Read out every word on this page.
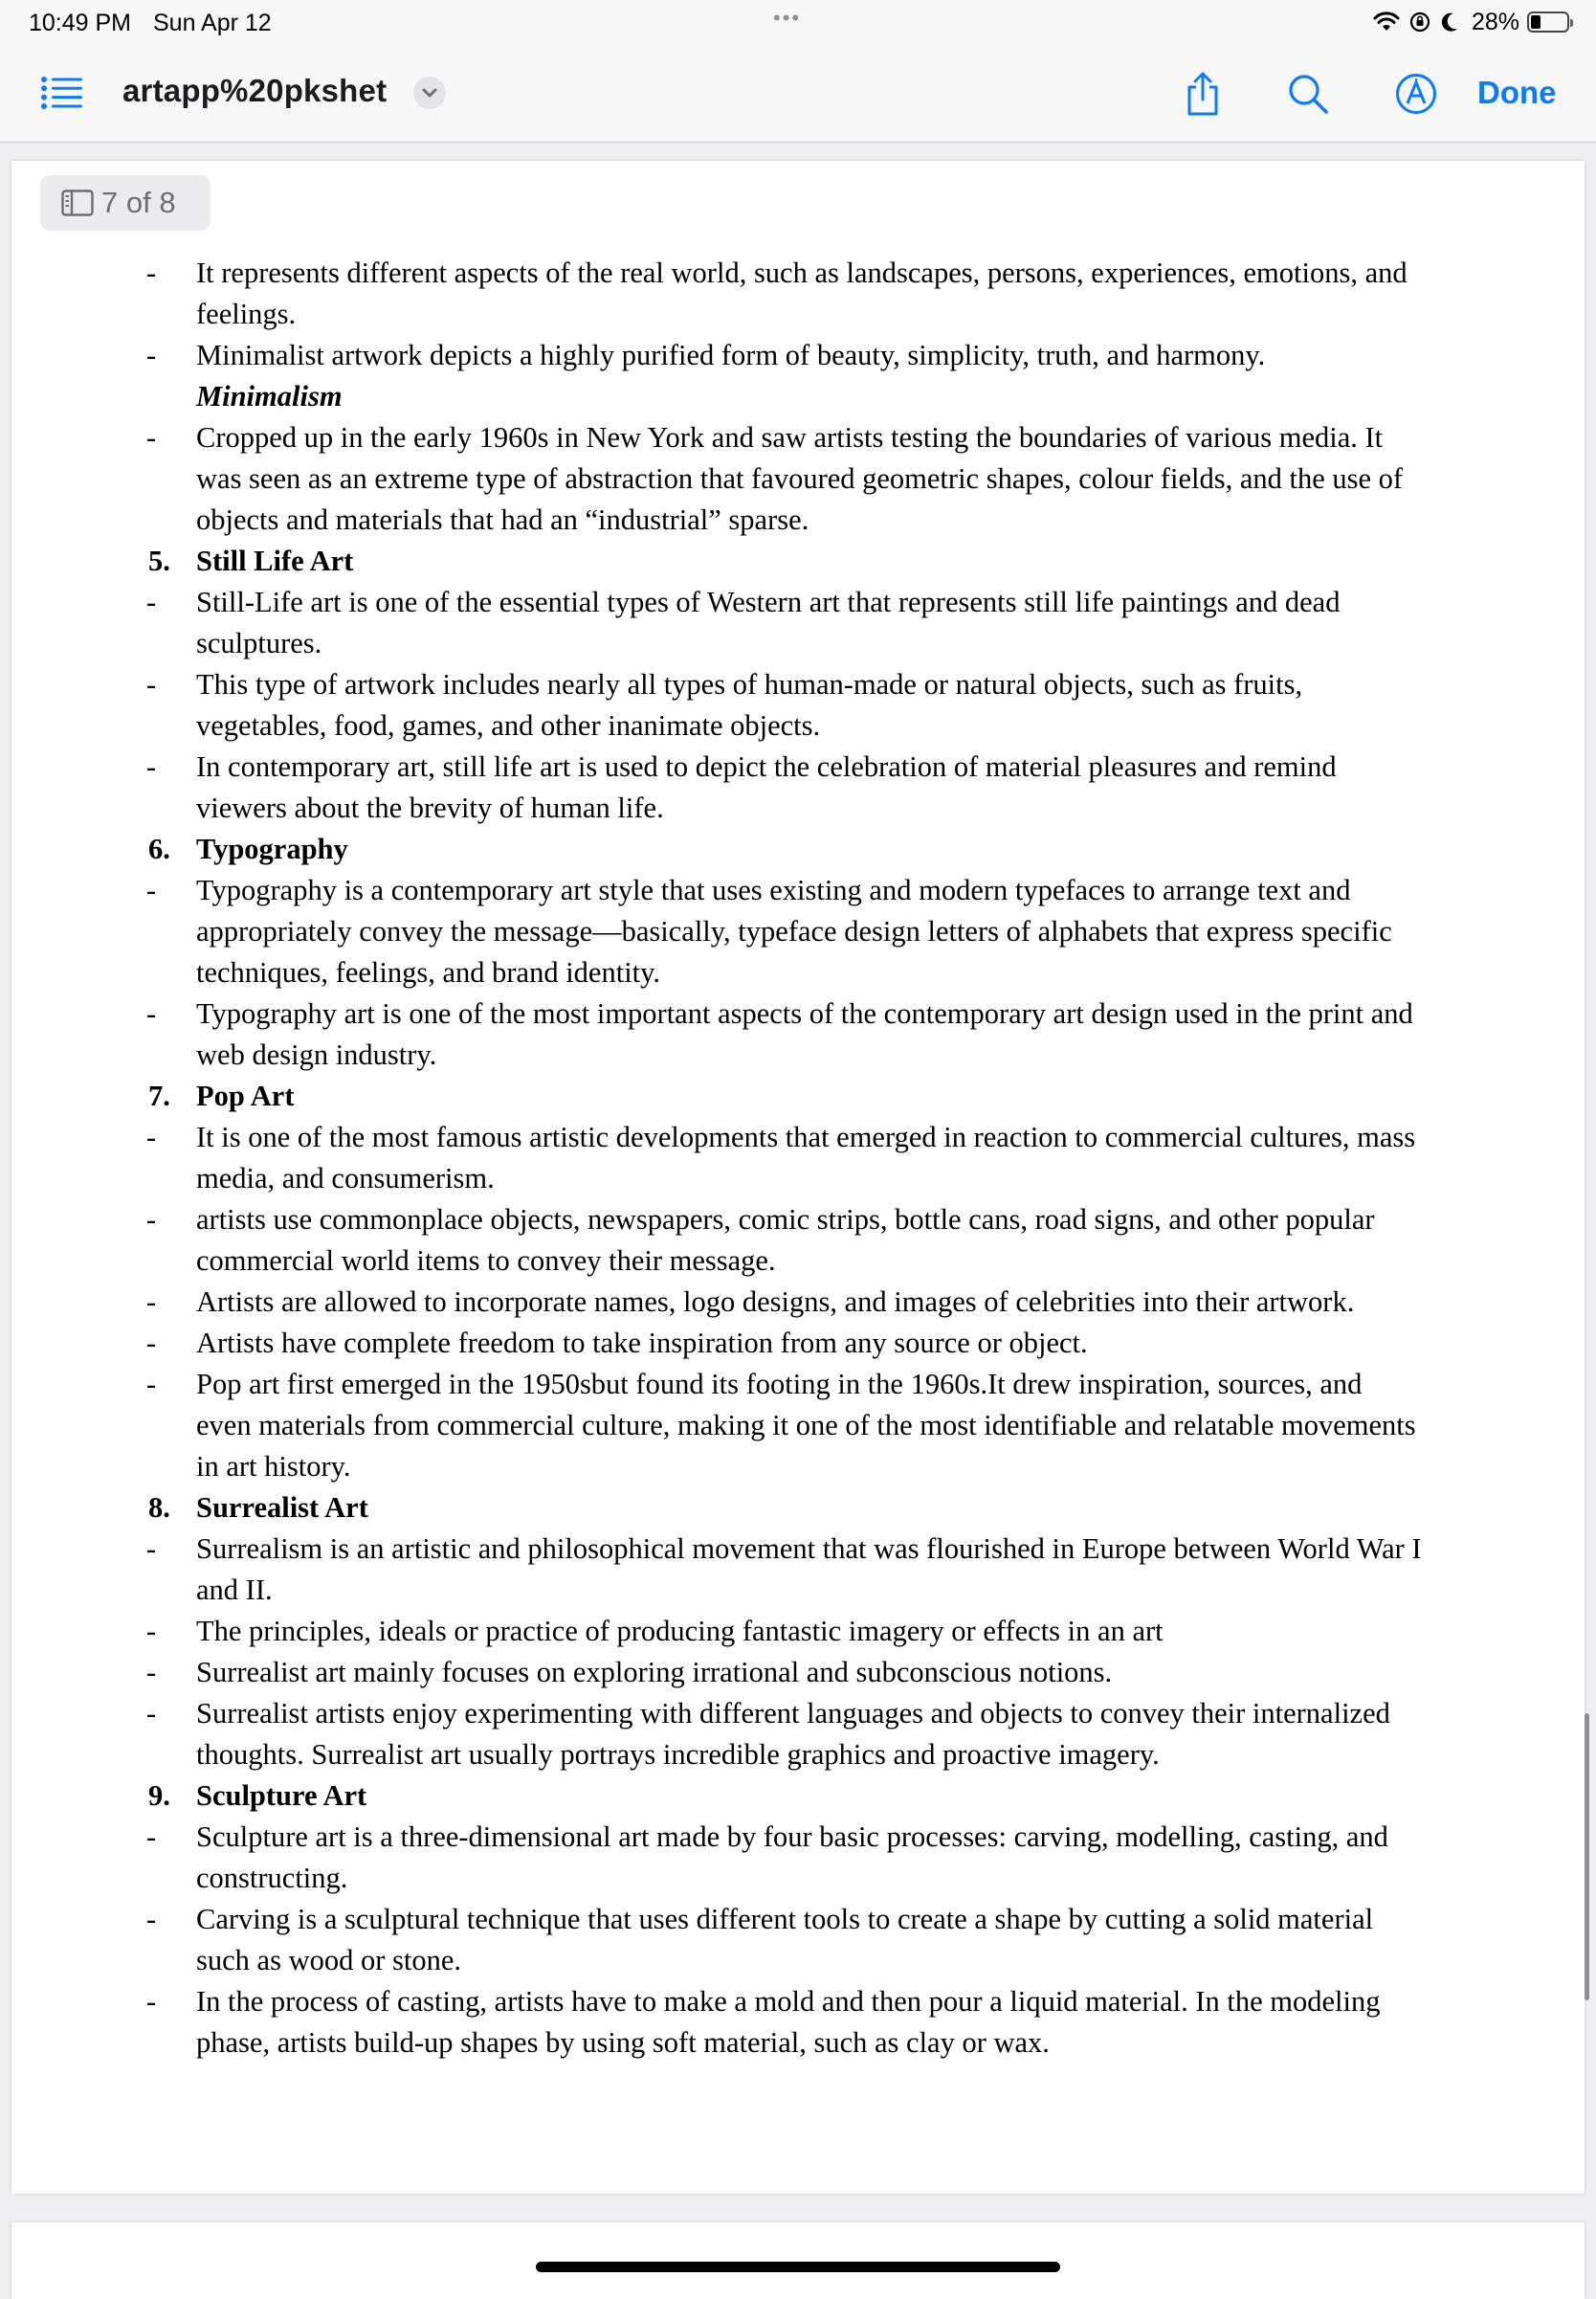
10:49 PM Sun Apr 12	•••	28%
artapp%20pkshet	Done
7 of 8
- It represents different aspects of the real world, such as landscapes, persons, experiences, emotions, and
feelings.
- Minimalist artwork depicts a highly purified form of beauty, simplicity, truth, and harmony.
Minimalism
- Cropped up in the early 1960s in New York and saw artists testing the boundaries of various media. It
was seen as an extreme type of abstraction that favoured geometric shapes, colour fields, and the use of
objects and materials that had an “industrial” sparse.
5. Still Life Art
- Still-Life art is one of the essential types of Western art that represents still life paintings and dead
sculptures.
- This type of artwork includes nearly all types of human-made or natural objects, such as fruits,
vegetables, food, games, and other inanimate objects.
- In contemporary art, still life art is used to depict the celebration of material pleasures and remind
viewers about the brevity of human life.
6. Typography
- Typography is a contemporary art style that uses existing and modern typefaces to arrange text and
appropriately convey the message—basically, typeface design letters of alphabets that express specific
techniques, feelings, and brand identity.
- Typography art is one of the most important aspects of the contemporary art design used in the print and
web design industry.
7. Pop Art
- It is one of the most famous artistic developments that emerged in reaction to commercial cultures, mass
media, and consumerism.
- artists use commonplace objects, newspapers, comic strips, bottle cans, road signs, and other popular
commercial world items to convey their message.
- Artists are allowed to incorporate names, logo designs, and images of celebrities into their artwork.
- Artists have complete freedom to take inspiration from any source or object.
- Pop art first emerged in the 1950sbut found its footing in the 1960s.It drew inspiration, sources, and
even materials from commercial culture, making it one of the most identifiable and relatable movements
in art history.
8. Surrealist Art
- Surrealism is an artistic and philosophical movement that was flourished in Europe between World War I
and II.
- The principles, ideals or practice of producing fantastic imagery or effects in an art
- Surrealist art mainly focuses on exploring irrational and subconscious notions.
- Surrealist artists enjoy experimenting with different languages and objects to convey their internalized
thoughts. Surrealist art usually portrays incredible graphics and proactive imagery.
9. Sculpture Art
- Sculpture art is a three-dimensional art made by four basic processes: carving, modelling, casting, and
constructing.
- Carving is a sculptural technique that uses different tools to create a shape by cutting a solid material
such as wood or stone.
- In the process of casting, artists have to make a mold and then pour a liquid material. In the modeling
phase, artists build-up shapes by using soft material, such as clay or wax.
